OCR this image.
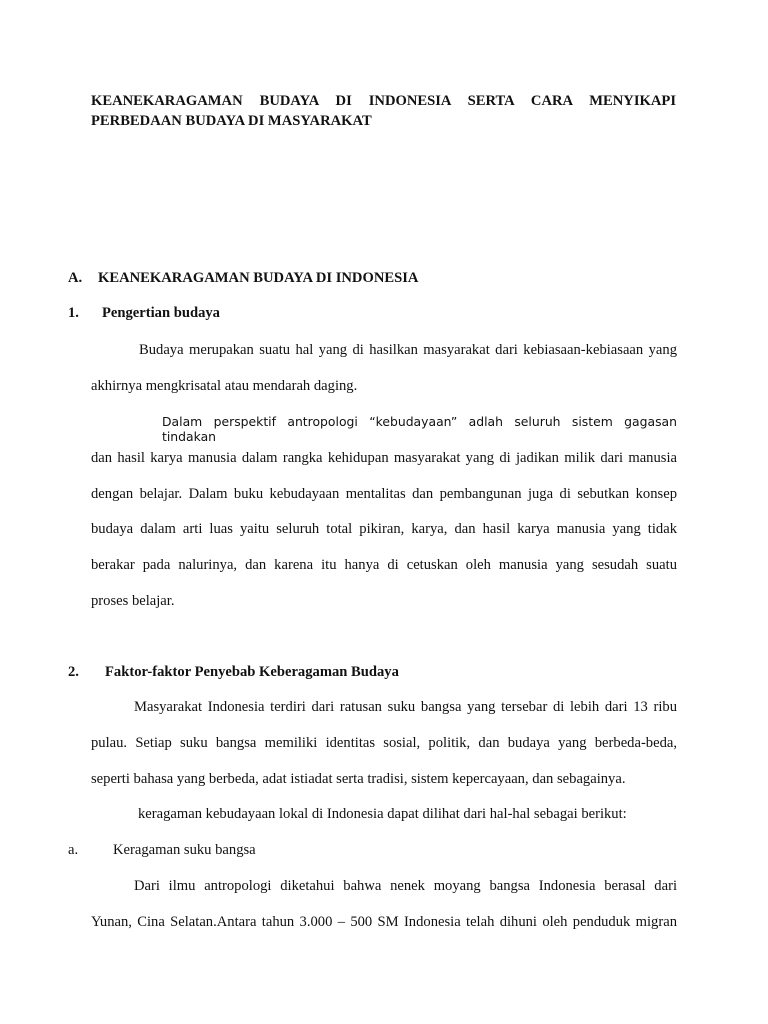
KEANEKARAGAMAN BUDAYA DI INDONESIA SERTA CARA MENYIKAPI PERBEDAAN BUDAYA DI MASYARAKAT

A. KEANEKARAGAMAN BUDAYA DI INDONESIA
1. Pengertian budaya
Budaya merupakan suatu hal yang di hasilkan masyarakat dari kebiasaan-kebiasaan yang
akhirnya mengkrisatal atau mendarah daging.
Dalam perspektif antropologi “kebudayaan” adlah seluruh sistem gagasan tindakan
dan hasil karya manusia dalam rangka kehidupan masyarakat yang di jadikan milik dari manusia
dengan belajar. Dalam buku kebudayaan mentalitas dan pembangunan juga di sebutkan konsep
budaya dalam arti luas yaitu seluruh total pikiran, karya, dan hasil karya manusia yang tidak
berakar pada nalurinya, dan karena itu hanya di cetuskan oleh manusia yang sesudah suatu
proses belajar.
2. Faktor-faktor Penyebab Keberagaman Budaya
Masyarakat Indonesia terdiri dari ratusan suku bangsa yang tersebar di lebih dari 13 ribu
pulau. Setiap suku bangsa memiliki identitas sosial, politik, dan budaya yang berbeda-beda,
seperti bahasa yang berbeda, adat istiadat serta tradisi, sistem kepercayaan, dan sebagainya.
keragaman kebudayaan lokal di Indonesia dapat dilihat dari hal-hal sebagai berikut:
a. Keragaman suku bangsa
Dari ilmu antropologi diketahui bahwa nenek moyang bangsa Indonesia berasal dari
Yunan, Cina Selatan.Antara tahun 3.000 – 500 SM Indonesia telah dihuni oleh penduduk migran
